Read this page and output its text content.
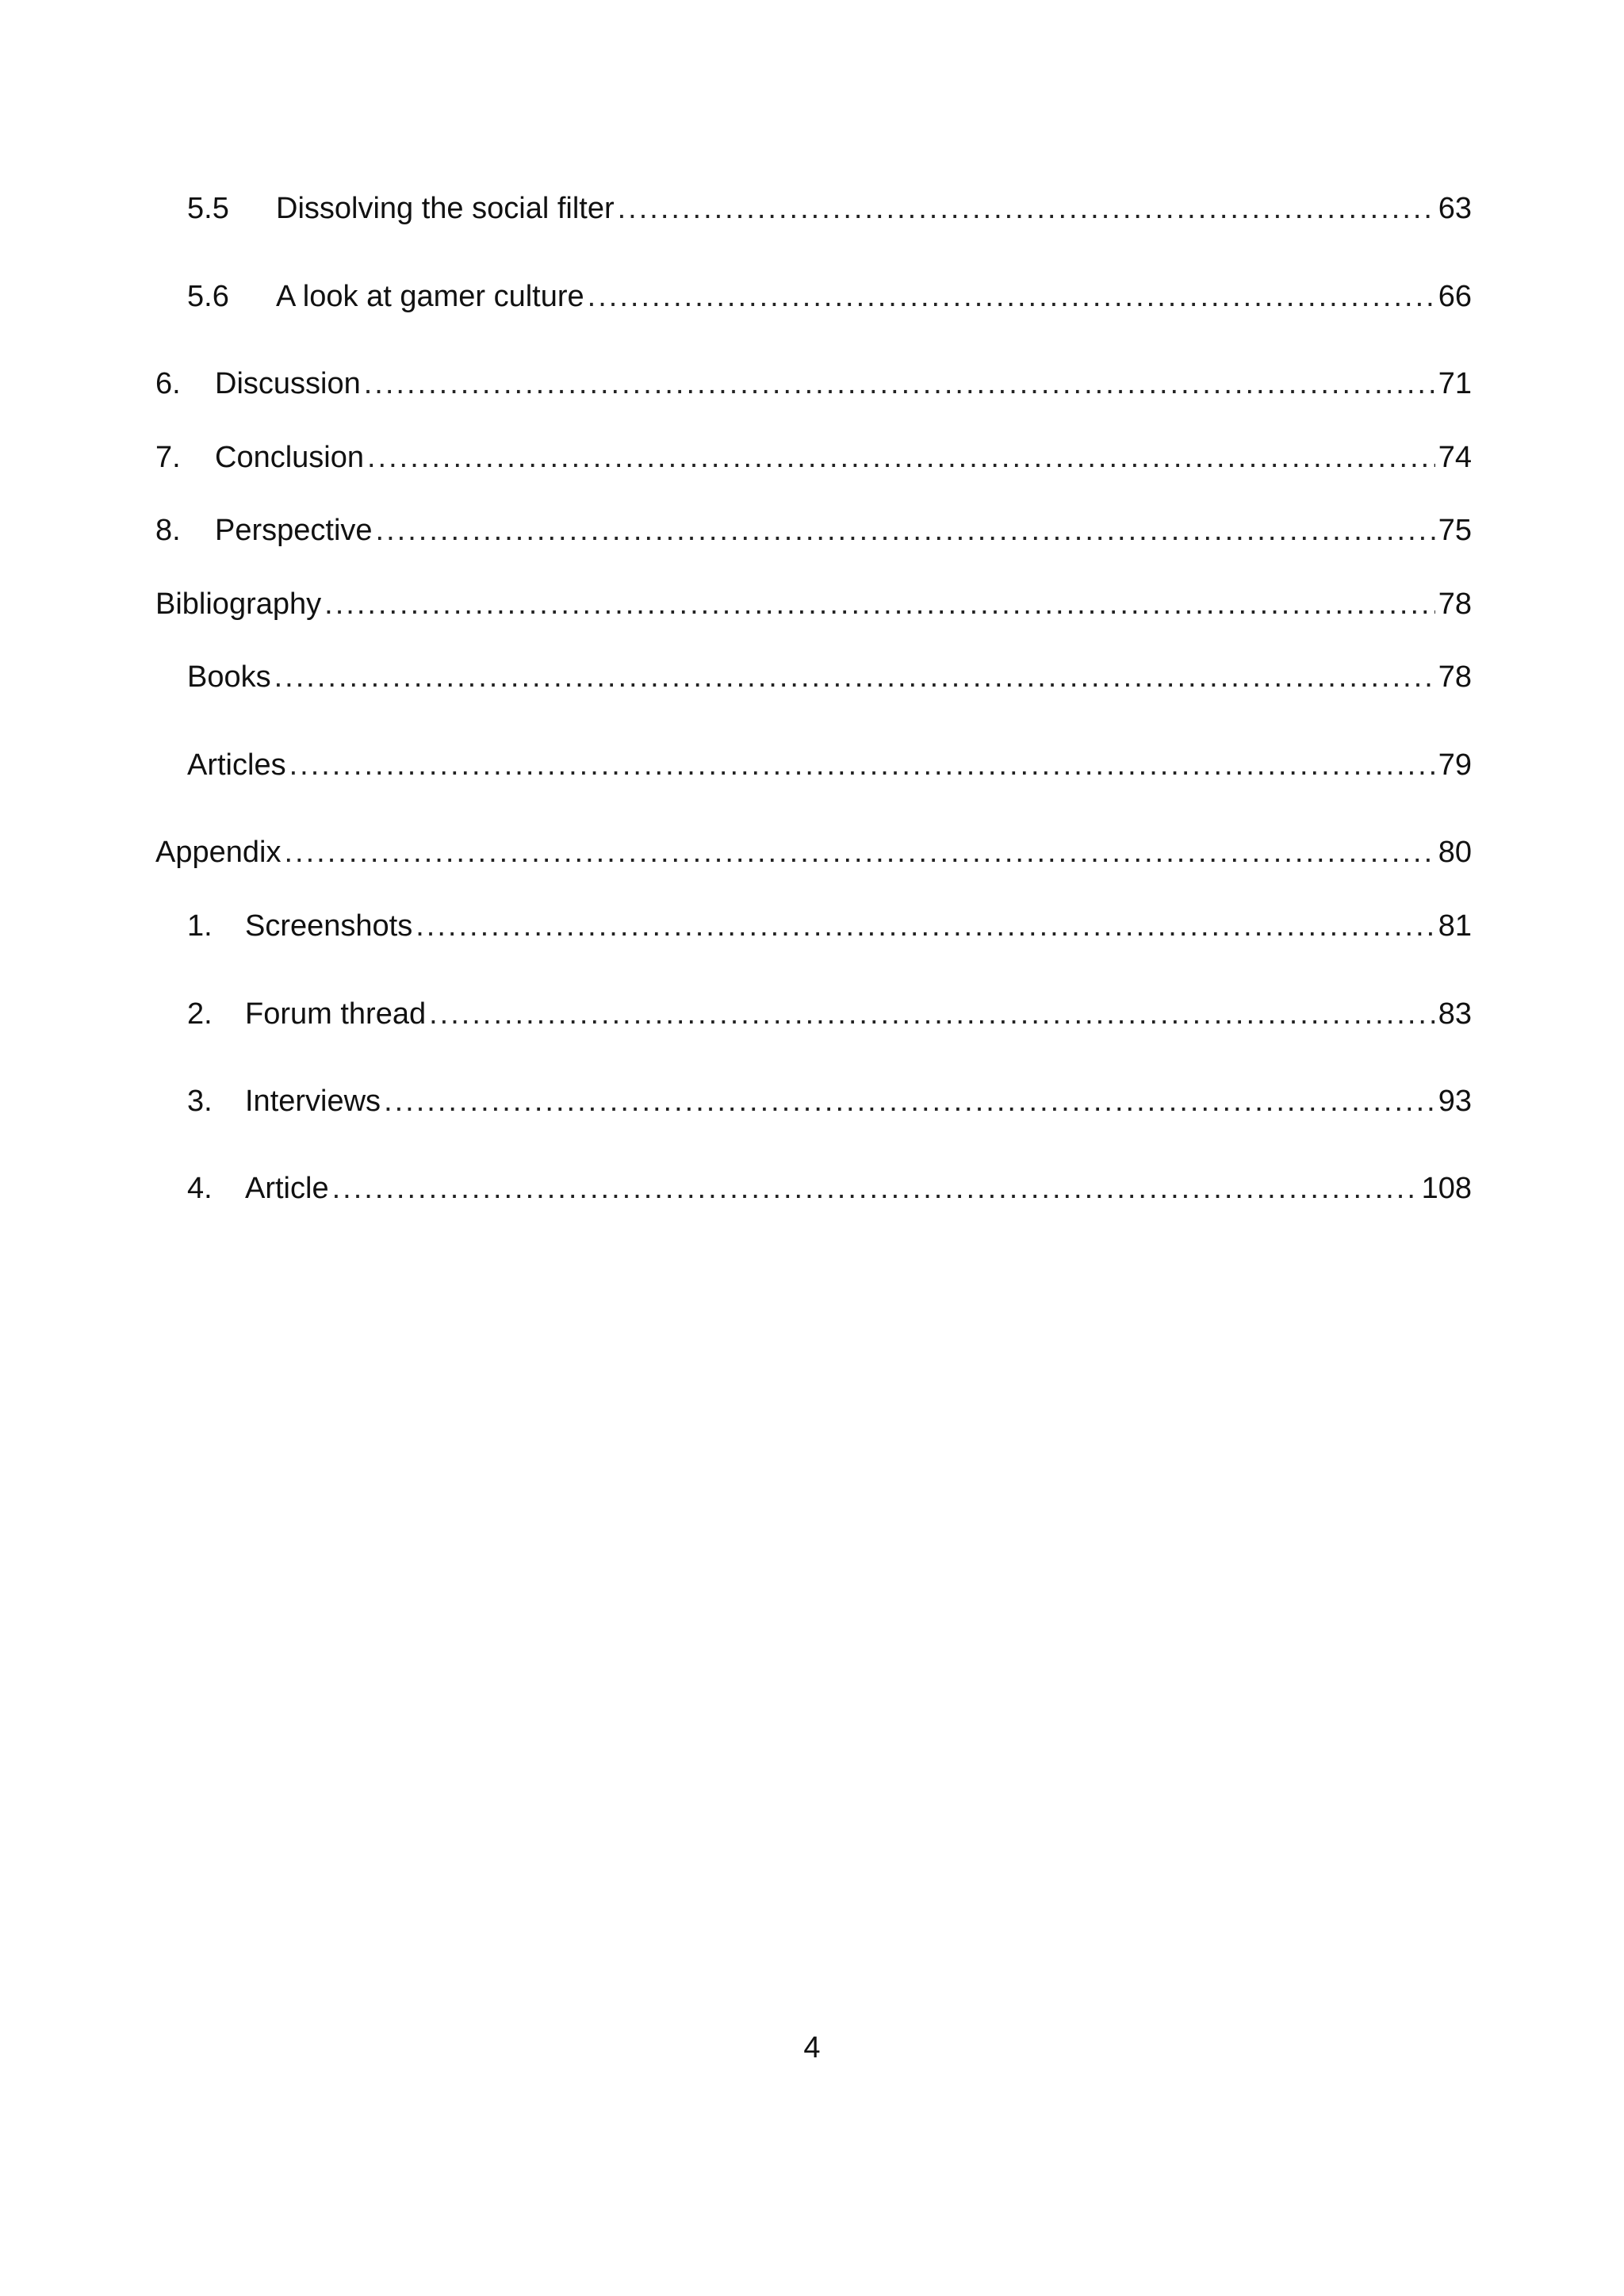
5.5	Dissolving the social filter .....	63
5.6	A look at gamer culture .....	66
6.	Discussion .....	71
7.	Conclusion .....	74
8.	Perspective .....	75
Bibliography .....	78
Books .....	78
Articles .....	79
Appendix .....	80
1.	Screenshots .....	81
2.	Forum thread .....	83
3.	Interviews .....	93
4.	Article .....	108
4
